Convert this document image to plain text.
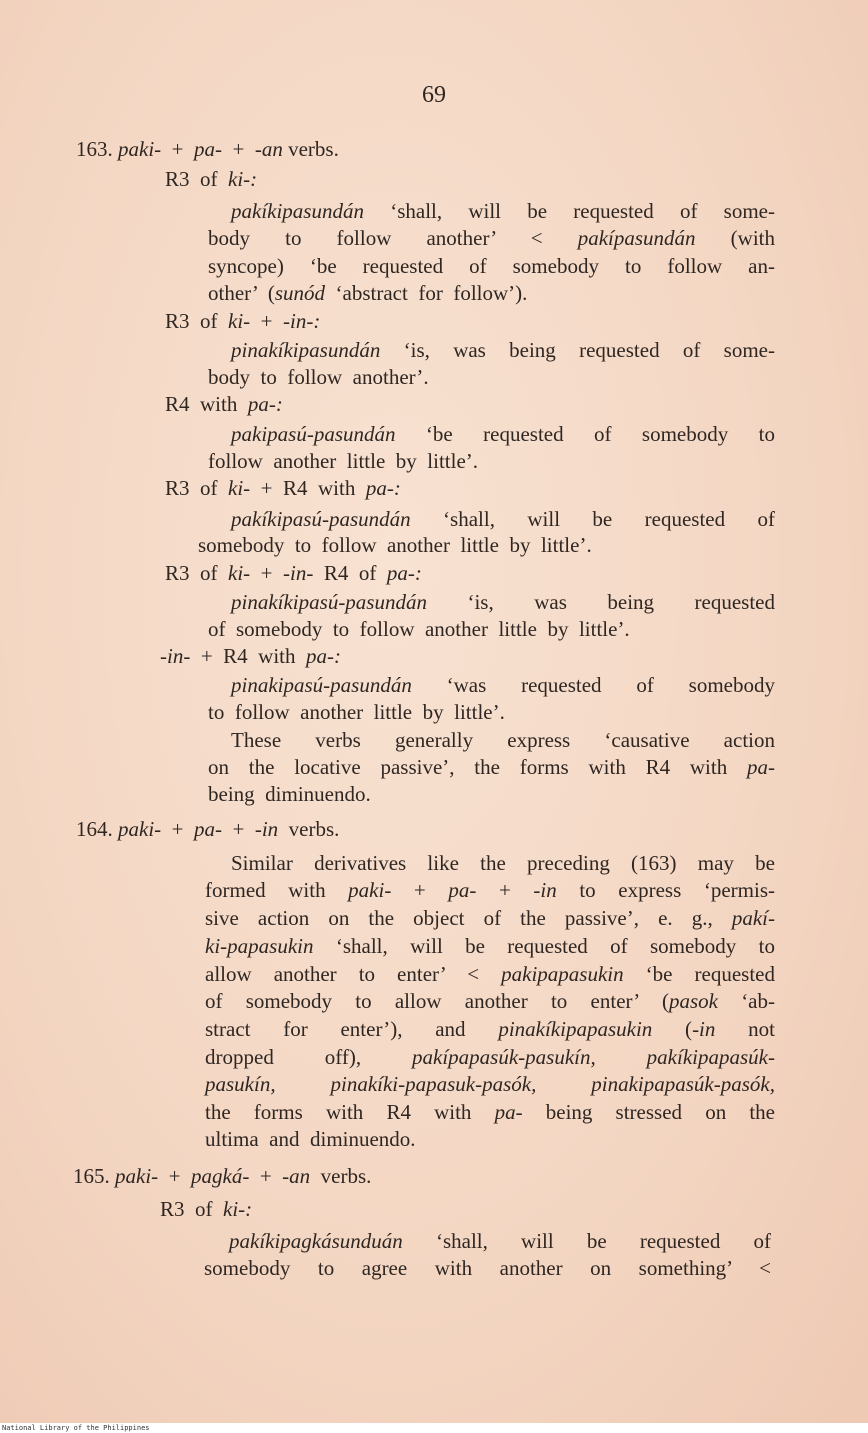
69
163. paki-  +  pa-  +  -an verbs.
R3  of  ki-:
pakíkipasundán  ‘shall,  will  be  requested  of  some-
body  to  follow  another’  <  pakípasundán  (with
syncope)  ‘be  requested  of  somebody  to  follow  an-
other’  (sunód  ‘abstract  for  follow’).
R3  of  ki-  +  -in-:
pinakíkipasundán  ‘is,  was  being  requested  of  some-
body  to  follow  another’.
R4  with  pa-:
pakipasú-pasundán  ‘be  requested  of  somebody  to
follow  another  little  by  little’.
R3  of  ki-  +  R4  with  pa-:
pakíkipasú-pasundán  ‘shall,  will  be  requested  of
somebody  to  follow  another  little  by  little’.
R3  of  ki-  +  -in-  R4  of  pa-:
pinakíkipasú-pasundán  ‘is,  was  being  requested
of  somebody  to  follow  another  little  by  little’.
-in-  +  R4  with  pa-:
pinakipasú-pasundán  ‘was  requested  of  somebody
to  follow  another  little  by  little’.
These  verbs  generally  express  ‘causative  action
on  the  locative  passive’,  the  forms  with  R4  with  pa-
being  diminuendo.
164. paki-  +  pa-  +  -in  verbs.
Similar  derivatives  like  the  preceding  (163)  may  be
formed  with  paki-  +  pa-  +  -in  to  express  ‘permis-
sive  action  on  the  object  of  the  passive’,  e.  g.,  pakí-
ki-papasukin  ‘shall,  will  be  requested  of  somebody  to
allow  another  to  enter’  <  pakipapasukin  ‘be  requested
of  somebody  to  allow  another  to  enter’  (pasok  ‘ab-
stract  for  enter’),  and  pinakíkipapasukin  (-in  not
dropped  off),  pakípapasúk-pasukín,  pakíkipapasúk-
pasukín,  pinakíki-papasuk-pasók,  pinakipapasúk-pasók,
the  forms  with  R4  with  pa-  being  stressed  on  the
ultima  and  diminuendo.
165. paki-  +  pagká-  +  -an  verbs.
R3  of  ki-:
pakíkipagkásunduán  ‘shall,  will  be  requested  of
somebody  to  agree  with  another  on  something’  <
National Library of the Philippines
